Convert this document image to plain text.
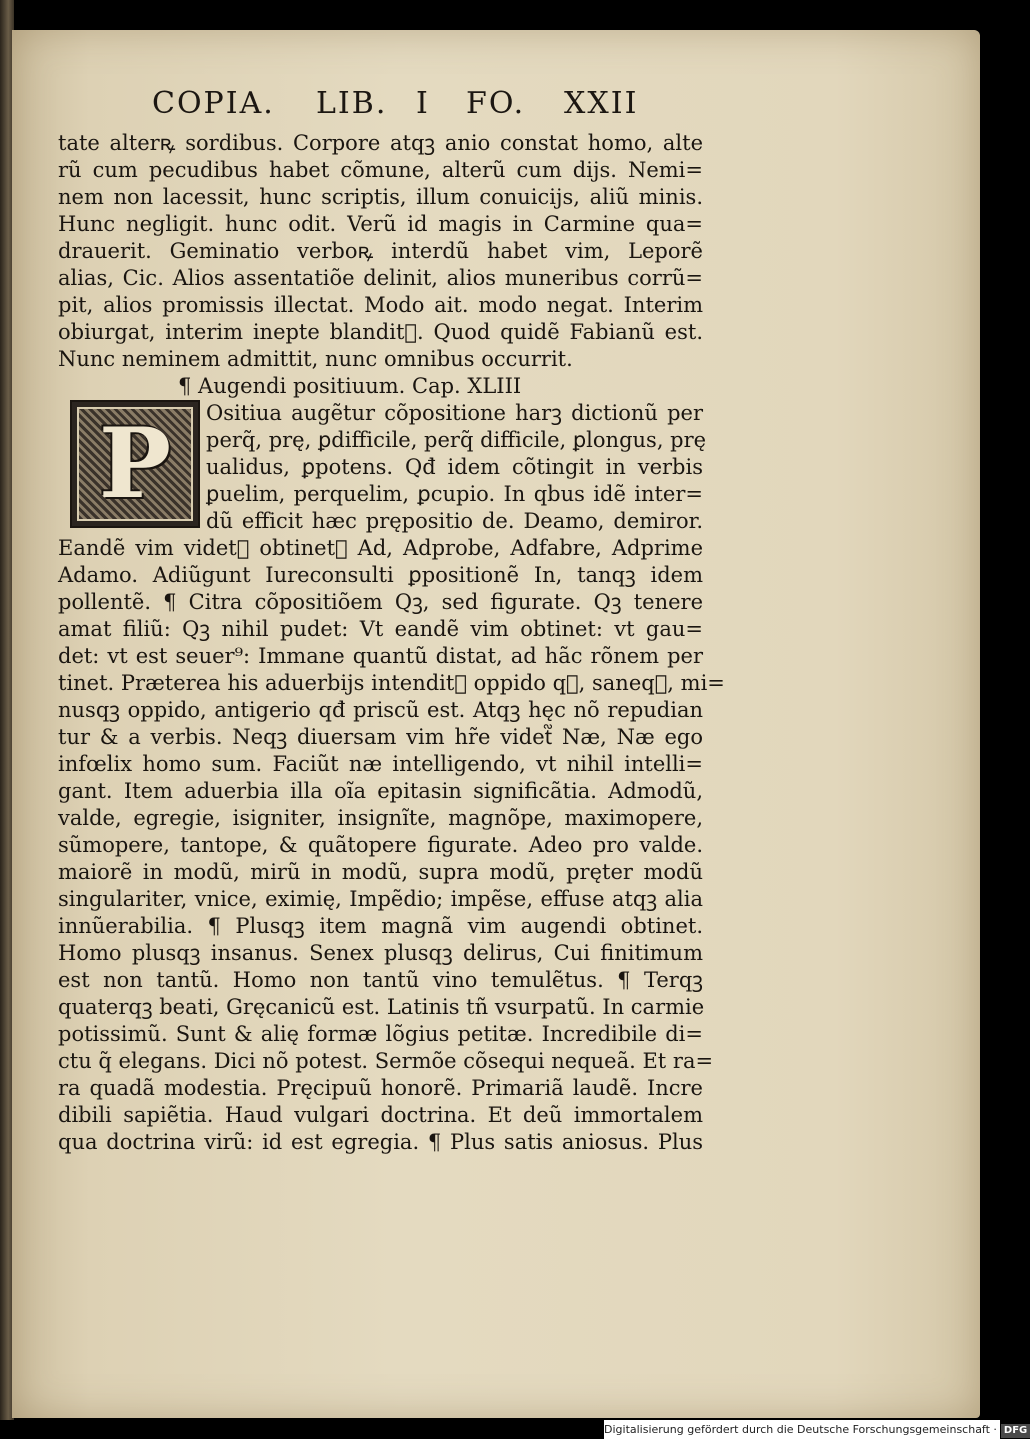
COPIA. LIB. I FO. XXII
P
tate alterꝶ sordibus. Corpore atqꝫ anio constat homo, alte
rũ cum pecudibus habet cõmune, alterũ cum dijs. Nemi=
nem non lacessit, hunc scriptis, illum conuicijs, aliũ minis.
Hunc negligit. hunc odit. Verũ id magis in Carmine qua=
drauerit. Geminatio verboꝶ interdũ habet vim, Leporẽ
alias, Cic. Alios assentatiõe delinit, alios muneribus corrũ=
pit, alios promissis illectat. Modo ait. modo negat. Interim
obiurgat, interim inepte blandit᷑. Quod quidẽ Fabianũ est.
Nunc neminem admittit, nunc omnibus occurrit.
¶ Augendi positiuum. Cap. XLIII
Ositiua augẽtur cõpositione harꝫ dictionũ per
perq̃, prę, ꝑdifficile, perq̃ difficile, ꝑlongus, prę
ualidus, ꝑpotens. Qđ idem cõtingit in verbis
ꝑuelim, perquelim, ꝑcupio. In qbus idẽ inter=
dũ efficit hæc prępositio de. Deamo, demiror.
Eandẽ vim videt᷑ obtinet᷑ Ad, Adprobe, Adfabre, Adprime
Adamo. Adiũgunt Iureconsulti ꝑpositionẽ In, tanqꝫ idem
pollentẽ. ¶ Citra cõpositiõem Qꝫ, sed figurate. Qꝫ tenere
amat filiũ: Qꝫ nihil pudet: Vt eandẽ vim obtinet: vt gau=
det: vt est seuer⁹: Immane quantũ distat, ad hãc rõnem per
tinet. Præterea his aduerbijs intendit᷑ oppido qꝫ, saneqꝫ, mi=
nusqꝫ oppido, antigerio qđ priscũ est. Atqꝫ hęc nõ repudian
tur & a verbis. Neqꝫ diuersam vim hr̃e videt᷑ Næ, Næ ego
infœlix homo sum. Faciũt næ intelligendo, vt nihil intelli=
gant. Item aduerbia illa oĩa epitasin significãtia. Admodũ,
valde, egregie, isigniter, insignĩte, magnõpe, maximopere,
sũmopere, tantope, & quãtopere figurate. Adeo pro valde.
maiorẽ in modũ, mirũ in modũ, supra modũ, pręter modũ
singulariter, vnice, eximię, Impẽdio; impẽse, effuse atqꝫ alia
innũerabilia. ¶ Plusqꝫ item magnã vim augendi obtinet.
Homo plusqꝫ insanus. Senex plusqꝫ delirus, Cui finitimum
est non tantũ. Homo non tantũ vino temulẽtus. ¶ Terqꝫ
quaterqꝫ beati, Gręcanicũ est. Latinis tñ vsurpatũ. In carmie
potissimũ. Sunt & alię formæ lõgius petitæ. Incredibile di=
ctu q̃ elegans. Dici nõ potest. Sermõe cõsequi nequeã. Et ra=
ra quadã modestia. Pręcipuũ honorẽ. Primariã laudẽ. Incre
dibili sapiẽtia. Haud vulgari doctrina. Et deũ immortalem
qua doctrina virũ: id est egregia. ¶ Plus satis aniosus. Plus
Digitalisierung gefördert durch die Deutsche Forschungsgemeinschaft · DFG
